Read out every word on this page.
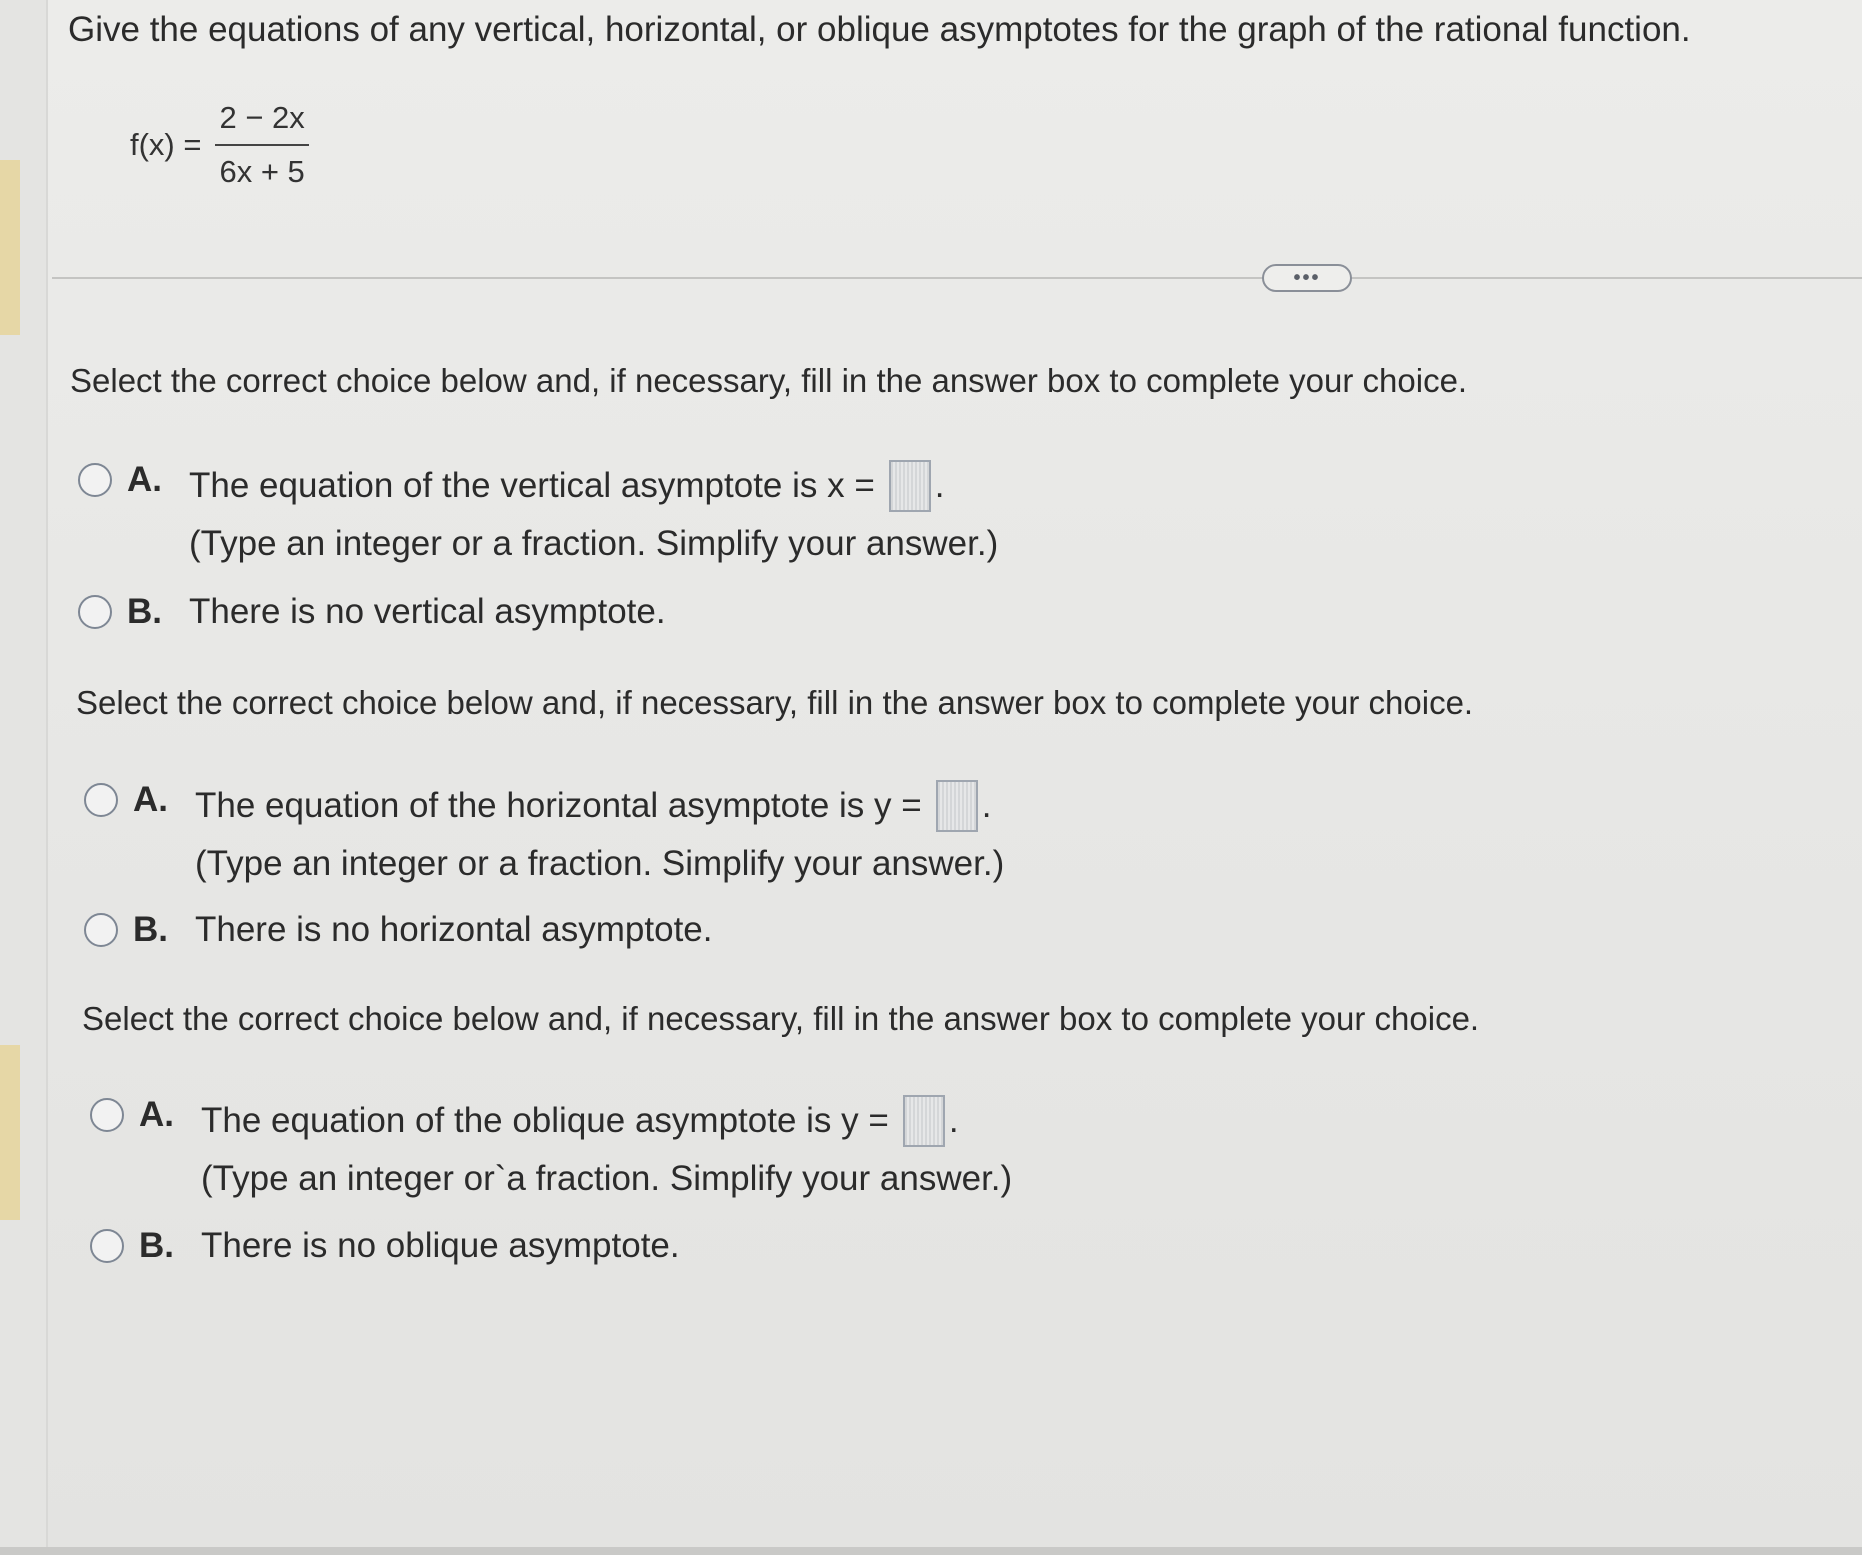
Give the equations of any vertical, horizontal, or oblique asymptotes for the graph of the rational function.
$f(x) = \frac{2 - 2x}{6x + 5}$
•••
Select the correct choice below and, if necessary, fill in the answer box to complete your choice.
A. The equation of the vertical asymptote is x = .
(Type an integer or a fraction. Simplify your answer.)
B. There is no vertical asymptote.
Select the correct choice below and, if necessary, fill in the answer box to complete your choice.
A. The equation of the horizontal asymptote is y = .
(Type an integer or a fraction. Simplify your answer.)
B. There is no horizontal asymptote.
Select the correct choice below and, if necessary, fill in the answer box to complete your choice.
A. The equation of the oblique asymptote is y = .
(Type an integer or`a fraction. Simplify your answer.)
B. There is no oblique asymptote.
